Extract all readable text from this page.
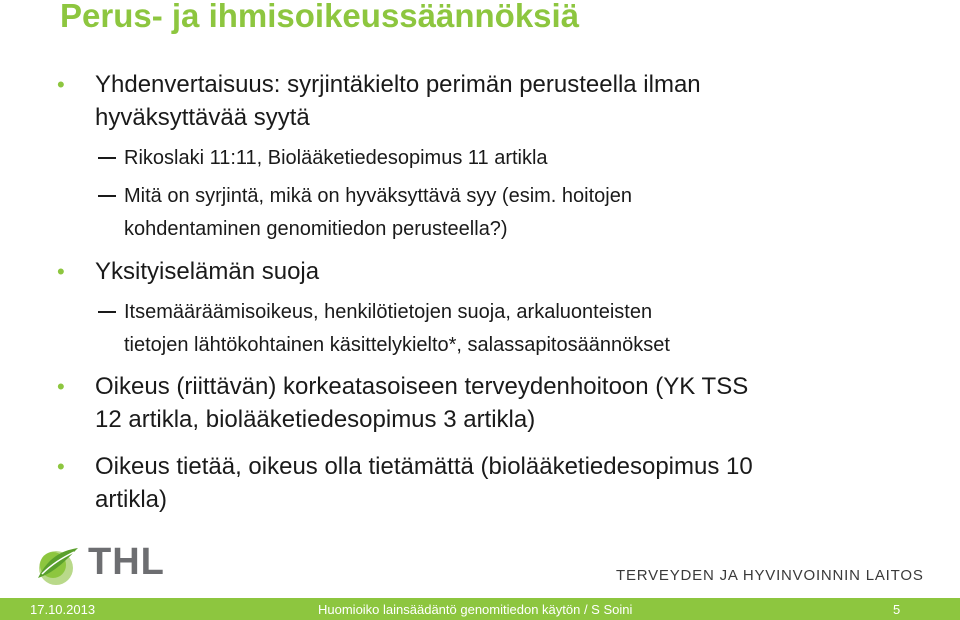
Perus- ja ihmisoikeussäännöksiä
• Yhdenvertaisuus: syrjintäkielto perimän perusteella ilman
hyväksyttävää syytä
Rikoslaki 11:11, Biolääketiedesopimus 11 artikla
Mitä on syrjintä, mikä on hyväksyttävä syy (esim. hoitojen
kohdentaminen genomitiedon perusteella?)
• Yksityiselämän suoja
Itsemääräämisoikeus, henkilötietojen suoja, arkaluonteisten
tietojen lähtökohtainen käsittelykielto*, salassapitosäännökset
• Oikeus (riittävän) korkeatasoiseen terveydenhoitoon (YK TSS
12 artikla, biolääketiedesopimus 3 artikla)
• Oikeus tietää, oikeus olla tietämättä (biolääketiedesopimus 10
artikla)
THL	TERVEYDEN JA HYVINVOINNIN LAITOS
17.10.2013	Huomioiko lainsäädäntö genomitiedon käytön / S Soini	5
